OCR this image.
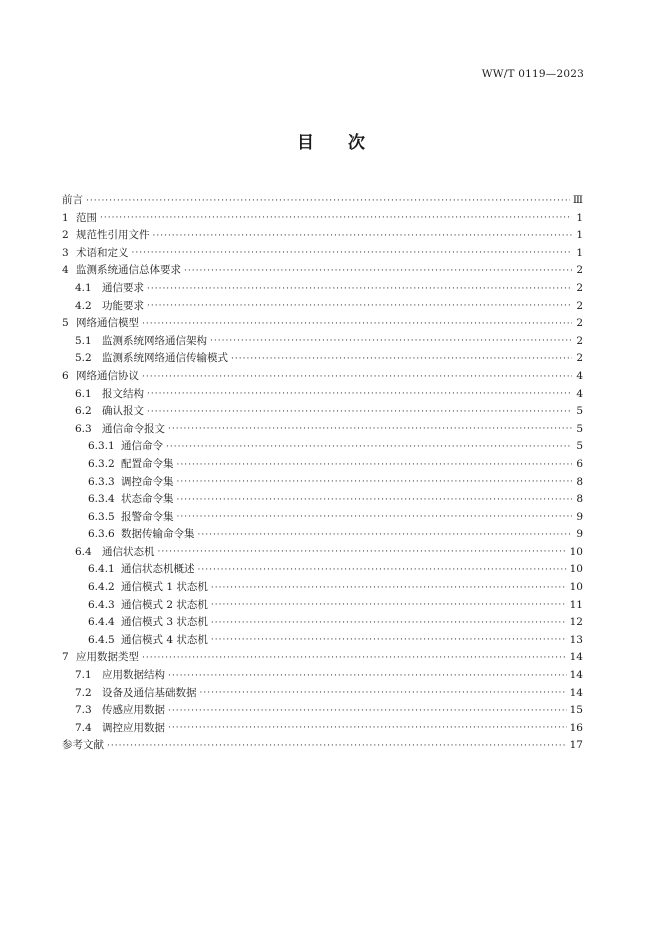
WW/T 0119—2023
目 次
前言 ·····	Ⅲ
1 范围 ·····	1
2 规范性引用文件 ·····	1
3 术语和定义 ·····	1
4 监测系统通信总体要求 ·····	2
4.1 通信要求 ·····	2
4.2 功能要求 ·····	2
5 网络通信模型 ·····	2
5.1 监测系统网络通信架构 ·····	2
5.2 监测系统网络通信传输模式 ·····	2
6 网络通信协议 ·····	4
6.1 报文结构 ·····	4
6.2 确认报文 ·····	5
6.3 通信命令报文 ·····	5
6.3.1 通信命令 ·····	5
6.3.2 配置命令集 ·····	6
6.3.3 调控命令集 ·····	8
6.3.4 状态命令集 ·····	8
6.3.5 报警命令集 ·····	9
6.3.6 数据传输命令集 ·····	9
6.4 通信状态机 ·····	10
6.4.1 通信状态机概述 ·····	10
6.4.2 通信模式 1 状态机 ·····	10
6.4.3 通信模式 2 状态机 ·····	11
6.4.4 通信模式 3 状态机 ·····	12
6.4.5 通信模式 4 状态机 ·····	13
7 应用数据类型 ·····	14
7.1 应用数据结构 ·····	14
7.2 设备及通信基础数据 ·····	14
7.3 传感应用数据 ·····	15
7.4 调控应用数据 ·····	16
参考文献 ·····	17
